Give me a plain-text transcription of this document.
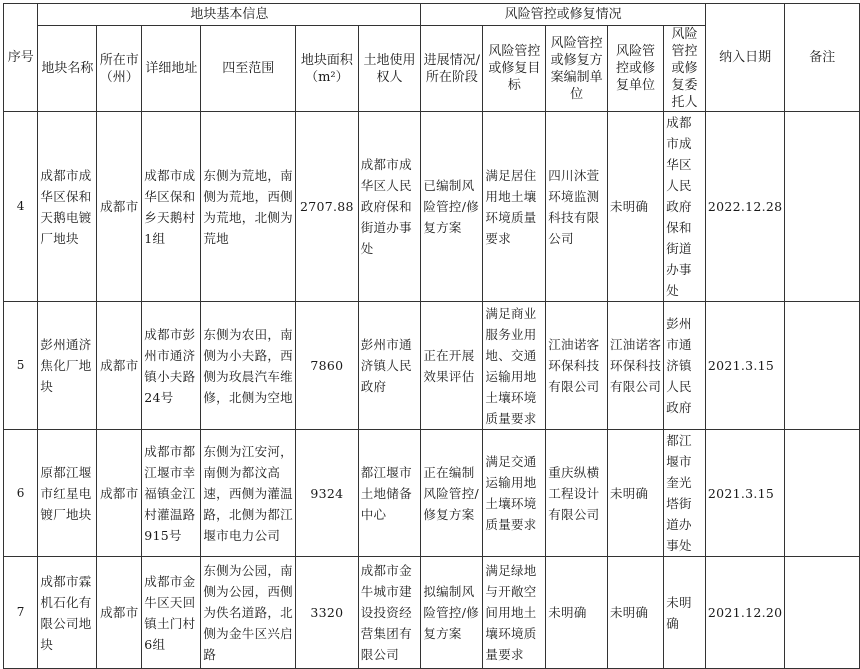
序号	地块基本信息						风险管控或修复情况					纳入日期	备注
	地块名称	所在市（州）	详细地址	四至范围	地块面积（m²）	土地使用权人	进展情况/所在阶段	风险管控或修复目标	风险管控或修复方案编制单位	风险管控或修复单位	风险管控或修复委托人		
4	成都市成华区保和天鹅电镀厂地块	成都市	成都市成华区保和乡天鹅村1组	东侧为荒地，南侧为荒地，西侧为荒地，北侧为荒地	2707.88	成都市成华区人民政府保和街道办事处	已编制风险管控/修复方案	满足居住用地土壤环境质量要求	四川沐萱环境监测科技有限公司	未明确	成都市成华区人民政府保和街道办事处	2022.12.28	
5	彭州通济焦化厂地块	成都市	成都市彭州市通济镇小夫路24号	东侧为农田，南侧为小夫路，西侧为玫晨汽车维修，北侧为空地	7860	彭州市通济镇人民政府	正在开展效果评估	满足商业服务业用地、交通运输用地土壤环境质量要求	江油诺客环保科技有限公司	江油诺客环保科技有限公司	彭州市通济镇人民政府	2021.3.15	
6	原都江堰市红星电镀厂地块	成都市	成都市都江堰市幸福镇金江村灌温路915号	东侧为江安河，南侧为都汶高速，西侧为灌温路，北侧为都江堰市电力公司	9324	都江堰市土地储备中心	正在编制风险管控/修复方案	满足交通运输用地土壤环境质量要求	重庆纵横工程设计有限公司	未明确	都江堰市奎光塔街道办事处	2021.3.15	
7	成都市霖机石化有限公司地块	成都市	成都市金牛区天回镇土门村6组	东侧为公园，南侧为公园，西侧为佚名道路，北侧为金牛区兴启路	3320	成都市金牛城市建设投资经营集团有限公司	拟编制风险管控/修复方案	满足绿地与开敞空间用地土壤环境质量要求	未明确	未明确	未明确	2021.12.20	
